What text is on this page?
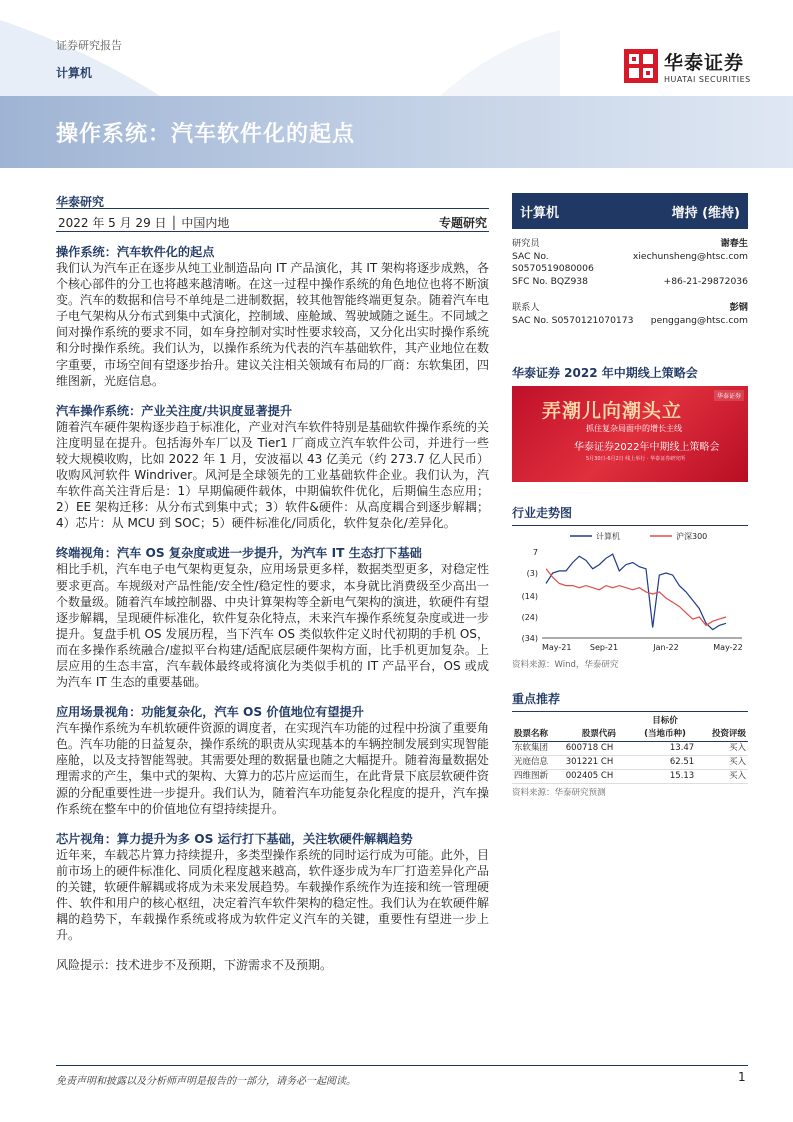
证券研究报告
计算机
操作系统：汽车软件化的起点
华泰证券
HUATAI SECURITIES
华泰研究
2022 年 5 月 29 日 │ 中国内地	专题研究
操作系统：汽车软件化的起点
我们认为汽车正在逐步从纯工业制造品向 IT 产品演化，其 IT 架构将逐步成熟，各个核心部件的分工也将越来越清晰。在这一过程中操作系统的角色地位也将不断演变。汽车的数据和信号不单纯是二进制数据，较其他智能终端更复杂。随着汽车电子电气架构从分布式到集中式演化，控制域、座舱域、驾驶域随之诞生。不同域之间对操作系统的要求不同，如车身控制对实时性要求较高，又分化出实时操作系统和分时操作系统。我们认为，以操作系统为代表的汽车基础软件，其产业地位在数字重要，市场空间有望逐步抬升。建议关注相关领域有布局的厂商：东软集团，四维图新，光庭信息。
汽车操作系统：产业关注度/共识度显著提升
随着汽车硬件架构逐步趋于标准化，产业对汽车软件特别是基础软件操作系统的关注度明显在提升。包括海外车厂以及 Tier1 厂商成立汽车软件公司，并进行一些较大规模收购，比如 2022 年 1 月，安波福以 43 亿美元（约 273.7 亿人民币）收购风河软件 Windriver。风河是全球领先的工业基础软件企业。我们认为，汽车软件高关注背后是：1）早期偏硬件载体，中期偏软件优化，后期偏生态应用；2）EE 架构迁移：从分布式到集中式；3）软件&硬件：从高度耦合到逐步解耦；4）芯片：从 MCU 到 SOC；5）硬件标准化/同质化，软件复杂化/差异化。
终端视角：汽车 OS 复杂度或进一步提升，为汽车 IT 生态打下基础
相比手机，汽车电子电气架构更复杂，应用场景更多样，数据类型更多，对稳定性要求更高。车规级对产品性能/安全性/稳定性的要求，本身就比消费级至少高出一个数量级。随着汽车域控制器、中央计算架构等全新电气架构的演进，软硬件有望逐步解耦，呈现硬件标准化，软件复杂化特点，未来汽车操作系统复杂度或进一步提升。复盘手机 OS 发展历程，当下汽车 OS 类似软件定义时代初期的手机 OS，而在多操作系统融合/虚拟平台构建/适配底层硬件架构方面，比手机更加复杂。上层应用的生态丰富，汽车载体最终或将演化为类似手机的 IT 产品平台，OS 或成为汽车 IT 生态的重要基础。
应用场景视角：功能复杂化，汽车 OS 价值地位有望提升
汽车操作系统为车机软硬件资源的调度者，在实现汽车功能的过程中扮演了重要角色。汽车功能的日益复杂，操作系统的职责从实现基本的车辆控制发展到实现智能座舱，以及支持智能驾驶。其需要处理的数据量也随之大幅提升。随着海量数据处理需求的产生，集中式的架构、大算力的芯片应运而生，在此背景下底层软硬件资源的分配重要性进一步提升。我们认为，随着汽车功能复杂化程度的提升，汽车操作系统在整车中的价值地位有望持续提升。
芯片视角：算力提升为多 OS 运行打下基础，关注软硬件解耦趋势
近年来，车载芯片算力持续提升，多类型操作系统的同时运行成为可能。此外，目前市场上的硬件标准化、同质化程度越来越高，软件逐步成为车厂打造差异化产品的关键，软硬件解耦或将成为未来发展趋势。车载操作系统作为连接和统一管理硬件、软件和用户的核心枢纽，决定着汽车软件架构的稳定性。我们认为在软硬件解耦的趋势下，车载操作系统或将成为软件定义汽车的关键，重要性有望进一步上升。
风险提示：技术进步不及预期，下游需求不及预期。
计算机	增持 (维持)
研究员	谢春生
SAC No. S0570519080006
xiechunsheng@htsc.com
SFC No. BQZ938	+86-21-29872036
联系人	彭钢
SAC No. S0570121070173 penggang@htsc.com
华泰证券 2022 年中期线上策略会
华泰证券
弄潮儿向潮头立
抓住复杂局面中的增长主线
华泰证券2022年中期线上策略会
5月30日-6月2日 线上举行 · 华泰证券研究所
行业走势图
计算机	沪深300
7
(3)
(14)
(24)
(34)
May-21 Sep-21	Jan-22	May-22
资料来源：Wind，华泰研究
重点推荐
		目标价	
股票名称	股票代码	(当地币种)	投资评级
东软集团	600718 CH	13.47	买入
光庭信息	301221 CH	62.51	买入
四维图新	002405 CH	15.13	买入
资料来源：华泰研究预测
免责声明和披露以及分析师声明是报告的一部分，请务必一起阅读。	1
